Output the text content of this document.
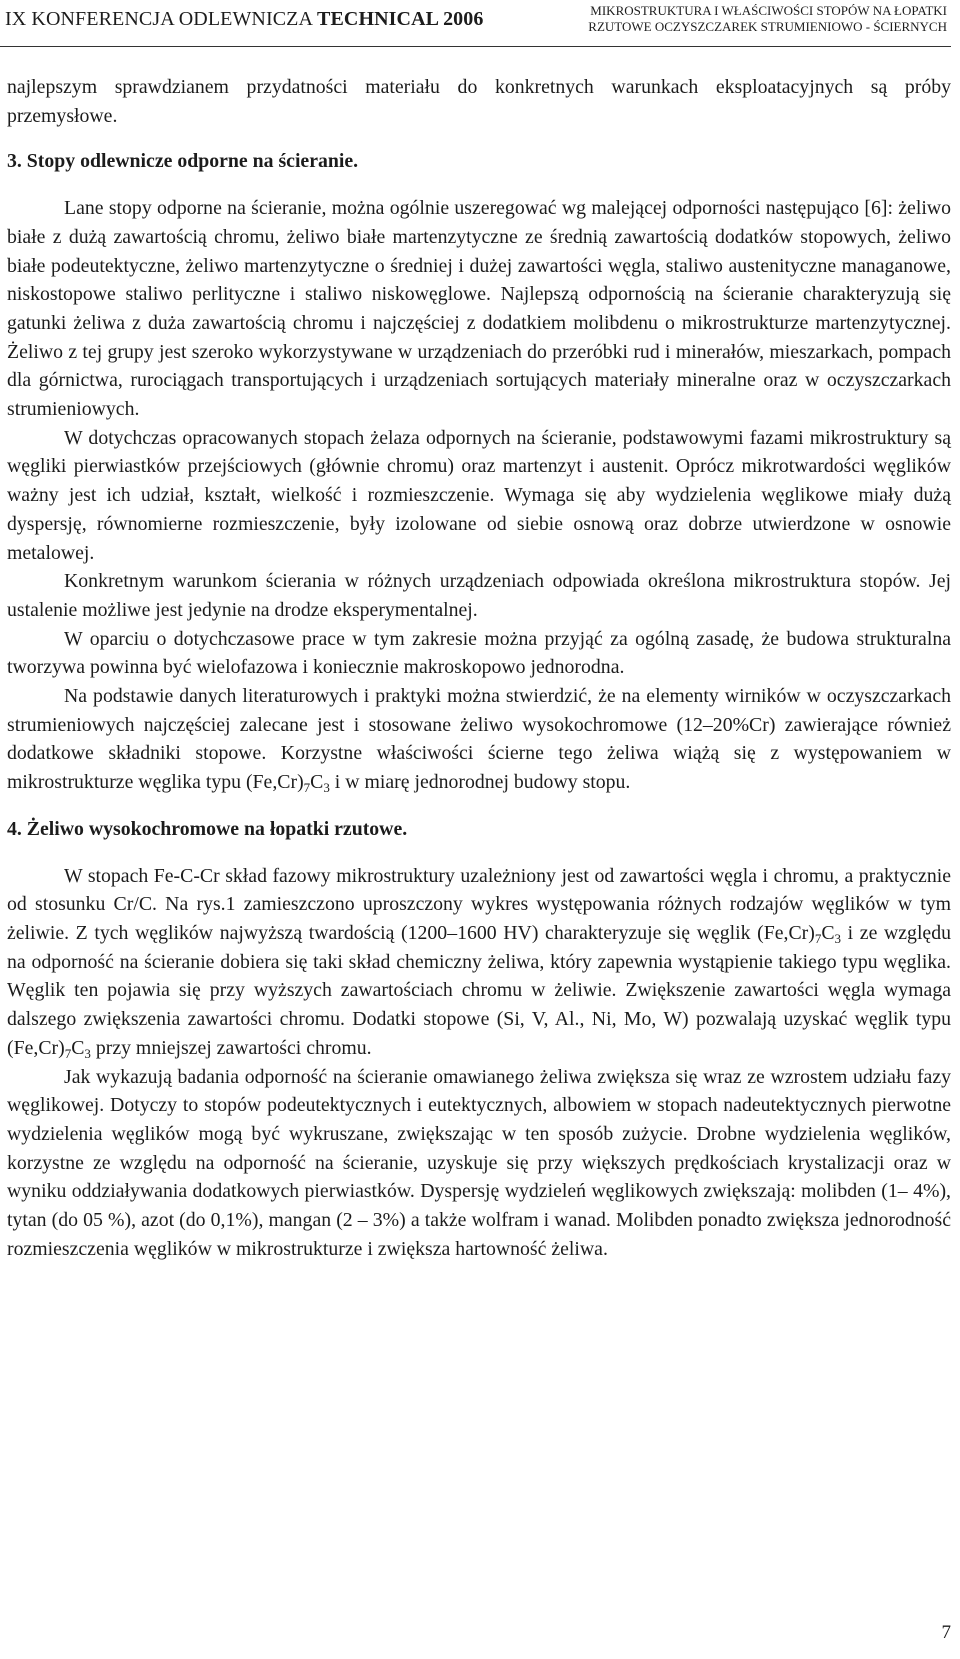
IX KONFERENCJA ODLEWNICZA TECHNICAL 2006	MIKROSTRUKTURA I WŁAŚCIWOŚCI STOPÓW NA ŁOPATKI
RZUTOWE OCZYSZCZAREK STRUMIENIOWO - ŚCIERNYCH

najlepszym sprawdzianem przydatności materiału do konkretnych warunkach eksploatacyjnych są próby przemysłowe.

3. Stopy odlewnicze odporne na ścieranie.

Lane stopy odporne na ścieranie, można ogólnie uszeregować wg malejącej odporności następująco [6]: żeliwo białe z dużą zawartością chromu, żeliwo białe martenzytyczne ze średnią zawartością dodatków stopowych, żeliwo białe podeutektyczne, żeliwo martenzytyczne o średniej i dużej zawartości węgla, staliwo austenityczne managanowe, niskostopowe staliwo perlityczne i staliwo niskowęglowe. Najlepszą odpornością na ścieranie charakteryzują się gatunki żeliwa z duża zawartością chromu i najczęściej z dodatkiem molibdenu o mikrostrukturze martenzytycznej. Żeliwo z tej grupy jest szeroko wykorzystywane w urządzeniach do przeróbki rud i minerałów, mieszarkach, pompach dla górnictwa, rurociągach transportujących i urządzeniach sortujących materiały mineralne oraz w oczyszczarkach strumieniowych.

W dotychczas opracowanych stopach żelaza odpornych na ścieranie, podstawowymi fazami mikrostruktury są węgliki pierwiastków przejściowych (głównie chromu) oraz martenzyt i austenit. Oprócz mikrotwardości węglików ważny jest ich udział, kształt, wielkość i rozmieszczenie. Wymaga się aby wydzielenia węglikowe miały dużą dyspersję, równomierne rozmieszczenie, były izolowane od siebie osnową oraz dobrze utwierdzone w osnowie metalowej.

Konkretnym warunkom ścierania w różnych urządzeniach odpowiada określona mikrostruktura stopów. Jej ustalenie możliwe jest jedynie na drodze eksperymentalnej.

W oparciu o dotychczasowe prace w tym zakresie można przyjąć za ogólną zasadę, że budowa strukturalna tworzywa powinna być wielofazowa i koniecznie makroskopowo jednorodna.

Na podstawie danych literaturowych i praktyki można stwierdzić, że na elementy wirników w oczyszczarkach strumieniowych najczęściej zalecane jest i stosowane żeliwo wysokochromowe (12–20%Cr) zawierające również dodatkowe składniki stopowe. Korzystne właściwości ścierne tego żeliwa wiążą się z występowaniem w mikrostrukturze węglika typu $(Fe,Cr)_7C_3$ i w miarę jednorodnej budowy stopu.

4. Żeliwo wysokochromowe na łopatki rzutowe.

W stopach Fe-C-Cr skład fazowy mikrostruktury uzależniony jest od zawartości węgla i chromu, a praktycznie od stosunku Cr/C. Na rys.1 zamieszczono uproszczony wykres występowania różnych rodzajów węglików w tym żeliwie. Z tych węglików najwyższą twardością (1200–1600 HV) charakteryzuje się węglik $(Fe,Cr)_7C_3$ i ze względu na odporność na ścieranie dobiera się taki skład chemiczny żeliwa, który zapewnia wystąpienie takiego typu węglika. Węglik ten pojawia się przy wyższych zawartościach chromu w żeliwie. Zwiększenie zawartości węgla wymaga dalszego zwiększenia zawartości chromu. Dodatki stopowe (Si, V, Al., Ni, Mo, W) pozwalają uzyskać węglik typu $(Fe,Cr)_7C_3$ przy mniejszej zawartości chromu.

Jak wykazują badania odporność na ścieranie omawianego żeliwa zwiększa się wraz ze wzrostem udziału fazy węglikowej. Dotyczy to stopów podeutektycznych i eutektycznych, albowiem w stopach nadeutektycznych pierwotne wydzielenia węglików mogą być wykruszane, zwiększając w ten sposób zużycie. Drobne wydzielenia węglików, korzystne ze względu na odporność na ścieranie, uzyskuje się przy większych prędkościach krystalizacji oraz w wyniku oddziaływania dodatkowych pierwiastków. Dyspersję wydzieleń węglikowych zwiększają: molibden (1– 4%), tytan (do 05 %), azot (do 0,1%), mangan (2 – 3%) a także wolfram i wanad. Molibden ponadto zwiększa jednorodność rozmieszczenia węglików w mikrostrukturze i zwiększa hartowność żeliwa.

7
